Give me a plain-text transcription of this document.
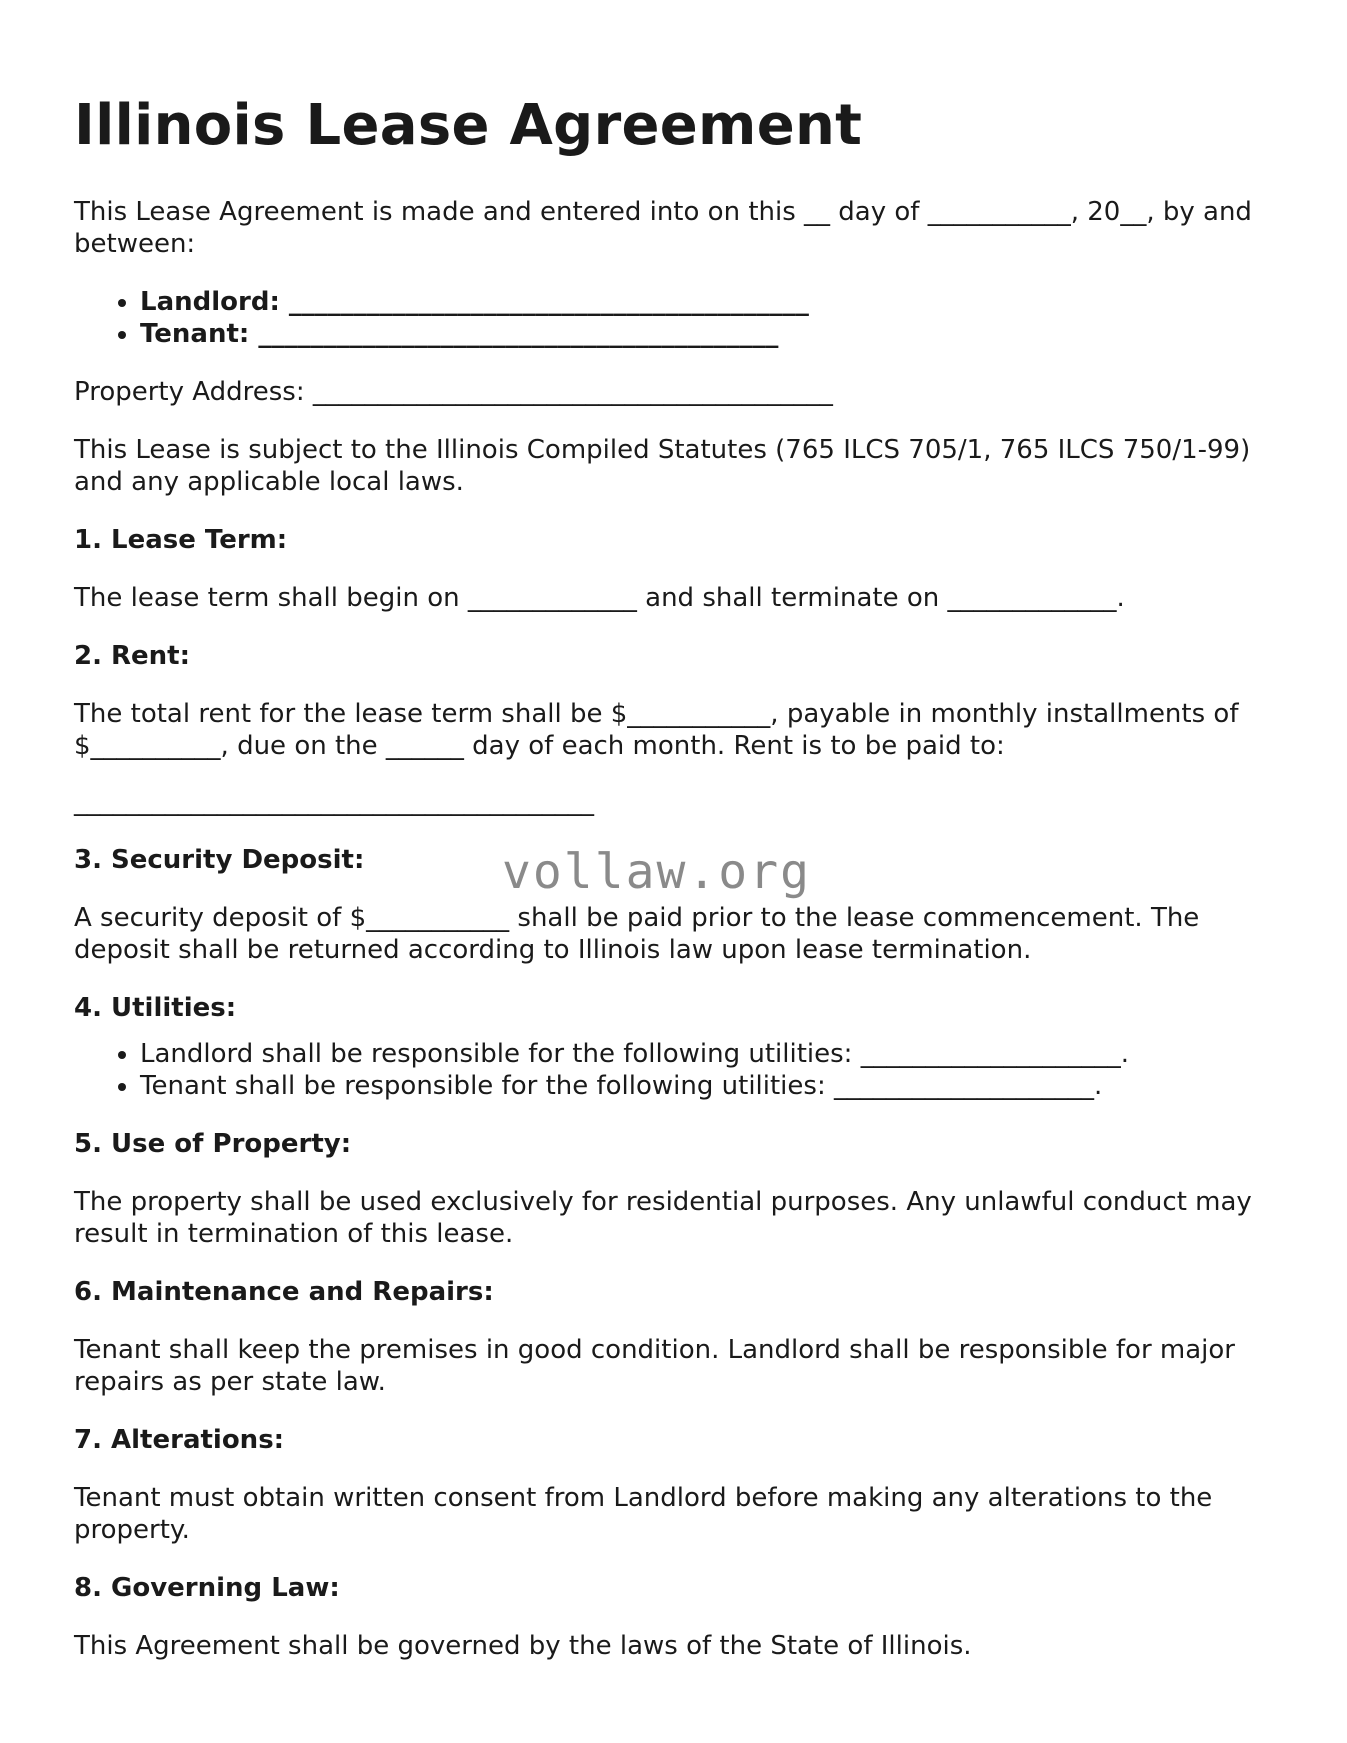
Illinois Lease Agreement

This Lease Agreement is made and entered into on this __ day of ___________, 20__, by and between:

• Landlord: ________________________________________
• Tenant: ________________________________________

Property Address: ________________________________________

This Lease is subject to the Illinois Compiled Statutes (765 ILCS 705/1, 765 ILCS 750/1-99) and any applicable local laws.

1. Lease Term:

The lease term shall begin on _____________ and shall terminate on _____________.

2. Rent:

The total rent for the lease term shall be $___________, payable in monthly installments of $__________, due on the ______ day of each month. Rent is to be paid to:

________________________________________

3. Security Deposit:

A security deposit of $___________ shall be paid prior to the lease commencement. The deposit shall be returned according to Illinois law upon lease termination.

4. Utilities:
• Landlord shall be responsible for the following utilities: ____________________.
• Tenant shall be responsible for the following utilities: ____________________.
5. Use of Property:

The property shall be used exclusively for residential purposes. Any unlawful conduct may result in termination of this lease.

6. Maintenance and Repairs:

Tenant shall keep the premises in good condition. Landlord shall be responsible for major repairs as per state law.

7. Alterations:

Tenant must obtain written consent from Landlord before making any alterations to the property.

8. Governing Law:

This Agreement shall be governed by the laws of the State of Illinois.

vollaw.org
